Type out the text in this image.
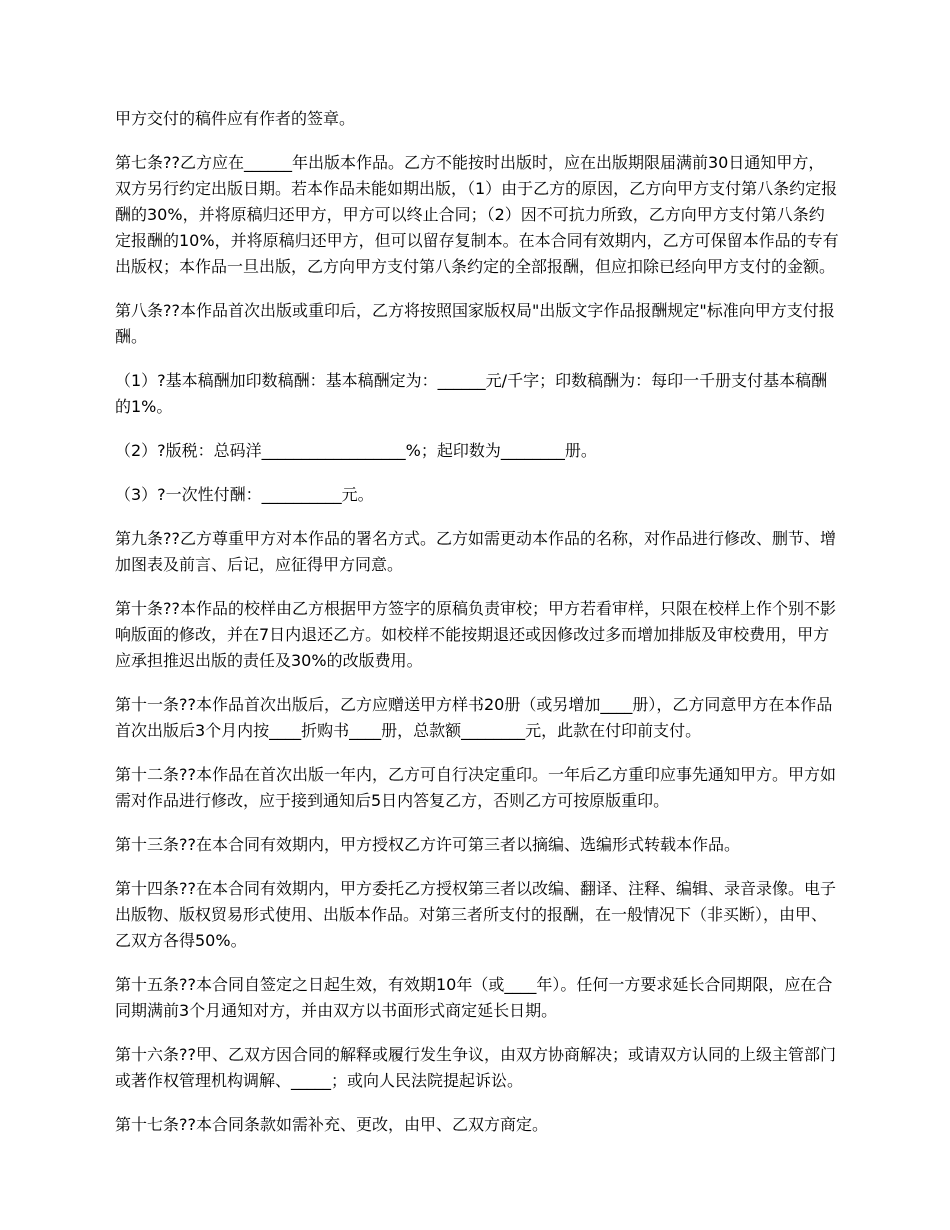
甲方交付的稿件应有作者的签章。

第七条??乙方应在______年出版本作品。乙方不能按时出版时，应在出版期限届满前30日通知甲方，双方另行约定出版日期。若本作品未能如期出版，（1）由于乙方的原因，乙方向甲方支付第八条约定报酬的30%，并将原稿归还甲方，甲方可以终止合同；（2）因不可抗力所致，乙方向甲方支付第八条约定报酬的10%，并将原稿归还甲方，但可以留存复制本。在本合同有效期内，乙方可保留本作品的专有出版权；本作品一旦出版，乙方向甲方支付第八条约定的全部报酬，但应扣除已经向甲方支付的金额。

第八条??本作品首次出版或重印后，乙方将按照国家版权局"出版文字作品报酬规定"标准向甲方支付报酬。

（1）?基本稿酬加印数稿酬：基本稿酬定为：______元/千字；印数稿酬为：每印一千册支付基本稿酬的1%。

（2）?版税：总码洋__________________%；起印数为________册。

（3）?一次性付酬：__________元。

第九条??乙方尊重甲方对本作品的署名方式。乙方如需更动本作品的名称，对作品进行修改、删节、增加图表及前言、后记，应征得甲方同意。

第十条??本作品的校样由乙方根据甲方签字的原稿负责审校；甲方若看审样，只限在校样上作个别不影响版面的修改，并在7日内退还乙方。如校样不能按期退还或因修改过多而增加排版及审校费用，甲方应承担推迟出版的责任及30%的改版费用。

第十一条??本作品首次出版后，乙方应赠送甲方样书20册（或另增加____册），乙方同意甲方在本作品首次出版后3个月内按____折购书____册，总款额________元，此款在付印前支付。

第十二条??本作品在首次出版一年内，乙方可自行决定重印。一年后乙方重印应事先通知甲方。甲方如需对作品进行修改，应于接到通知后5日内答复乙方，否则乙方可按原版重印。

第十三条??在本合同有效期内，甲方授权乙方许可第三者以摘编、选编形式转载本作品。

第十四条??在本合同有效期内，甲方委托乙方授权第三者以改编、翻译、注释、编辑、录音录像。电子出版物、版权贸易形式使用、出版本作品。对第三者所支付的报酬，在一般情况下（非买断），由甲、乙双方各得50%。

第十五条??本合同自签定之日起生效，有效期10年（或____年）。任何一方要求延长合同期限，应在合同期满前3个月通知对方，并由双方以书面形式商定延长日期。

第十六条??甲、乙双方因合同的解释或履行发生争议，由双方协商解决；或请双方认同的上级主管部门或著作权管理机构调解、_____；或向人民法院提起诉讼。

第十七条??本合同条款如需补充、更改，由甲、乙双方商定。
